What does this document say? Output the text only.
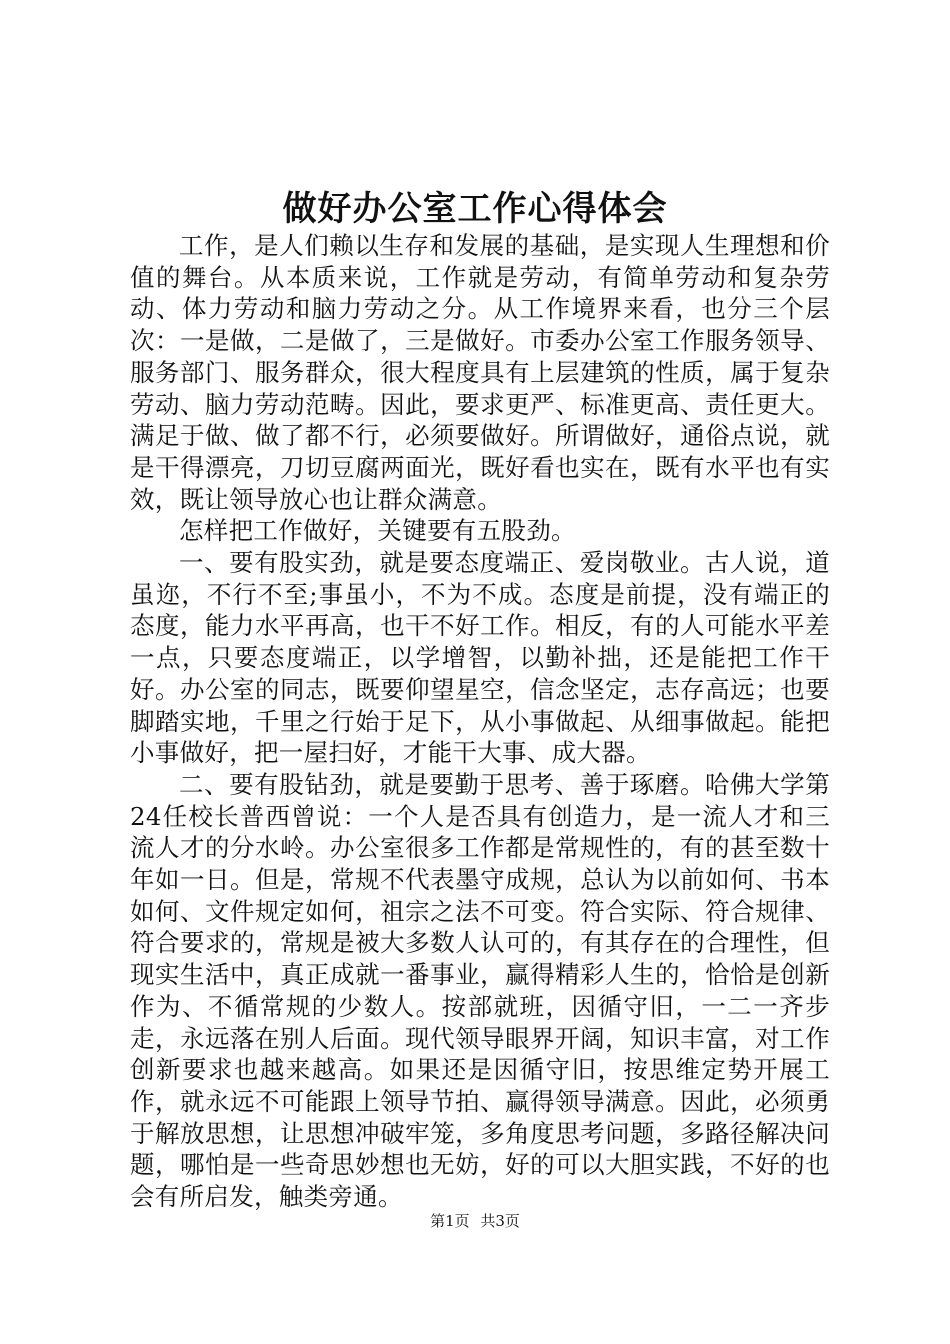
做好办公室工作心得体会

工作，是人们赖以生存和发展的基础，是实现人生理想和价值的舞台。从本质来说，工作就是劳动，有简单劳动和复杂劳动、体力劳动和脑力劳动之分。从工作境界来看，也分三个层次：一是做，二是做了，三是做好。市委办公室工作服务领导、服务部门、服务群众，很大程度具有上层建筑的性质，属于复杂劳动、脑力劳动范畴。因此，要求更严、标准更高、责任更大。满足于做、做了都不行，必须要做好。所谓做好，通俗点说，就是干得漂亮，刀切豆腐两面光，既好看也实在，既有水平也有实效，既让领导放心也让群众满意。

怎样把工作做好，关键要有五股劲。

一、要有股实劲，就是要态度端正、爱岗敬业。古人说，道虽迩，不行不至;事虽小，不为不成。态度是前提，没有端正的态度，能力水平再高，也干不好工作。相反，有的人可能水平差一点，只要态度端正，以学增智，以勤补拙，还是能把工作干好。办公室的同志，既要仰望星空，信念坚定，志存高远；也要脚踏实地，千里之行始于足下，从小事做起、从细事做起。能把小事做好，把一屋扫好，才能干大事、成大器。

二、要有股钻劲，就是要勤于思考、善于琢磨。哈佛大学第24任校长普西曾说：一个人是否具有创造力，是一流人才和三流人才的分水岭。办公室很多工作都是常规性的，有的甚至数十年如一日。但是，常规不代表墨守成规，总认为以前如何、书本如何、文件规定如何，祖宗之法不可变。符合实际、符合规律、符合要求的，常规是被大多数人认可的，有其存在的合理性，但现实生活中，真正成就一番事业，赢得精彩人生的，恰恰是创新作为、不循常规的少数人。按部就班，因循守旧，一二一齐步走，永远落在别人后面。现代领导眼界开阔，知识丰富，对工作创新要求也越来越高。如果还是因循守旧，按思维定势开展工作，就永远不可能跟上领导节拍、赢得领导满意。因此，必须勇于解放思想，让思想冲破牢笼，多角度思考问题，多路径解决问题，哪怕是一些奇思妙想也无妨，好的可以大胆实践，不好的也会有所启发，触类旁通。

第1页 共3页
